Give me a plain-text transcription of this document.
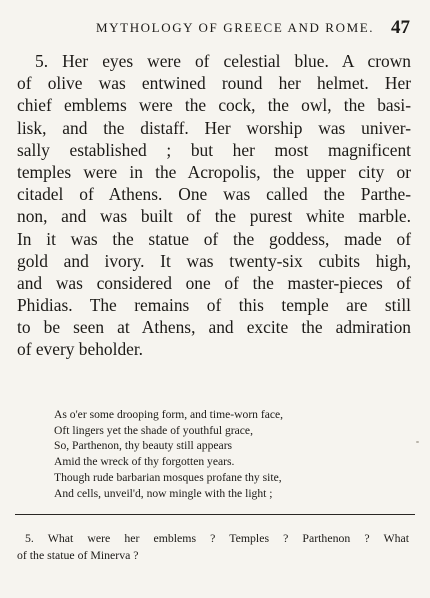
MYTHOLOGY OF GREECE AND ROME. 47
5. Her eyes were of celestial blue. A crown
of olive was entwined round her helmet. Her
chief emblems were the cock, the owl, the basi-
lisk, and the distaff. Her worship was univer-
sally established ; but her most magnificent
temples were in the Acropolis, the upper city or
citadel of Athens. One was called the Parthe-
non, and was built of the purest white marble.
In it was the statue of the goddess, made of
gold and ivory. It was twenty-six cubits high,
and was considered one of the master-pieces of
Phidias. The remains of this temple are still
to be seen at Athens, and excite the admiration
of every beholder.
As o'er some drooping form, and time-worn face,
Oft lingers yet the shade of youthful grace,
So, Parthenon, thy beauty still appears
Amid the wreck of thy forgotten years.
Though rude barbarian mosques profane thy site,
And cells, unveil'd, now mingle with the light ;
5. What were her emblems ? Temples ? Parthenon ? What
of the statue of Minerva ?
